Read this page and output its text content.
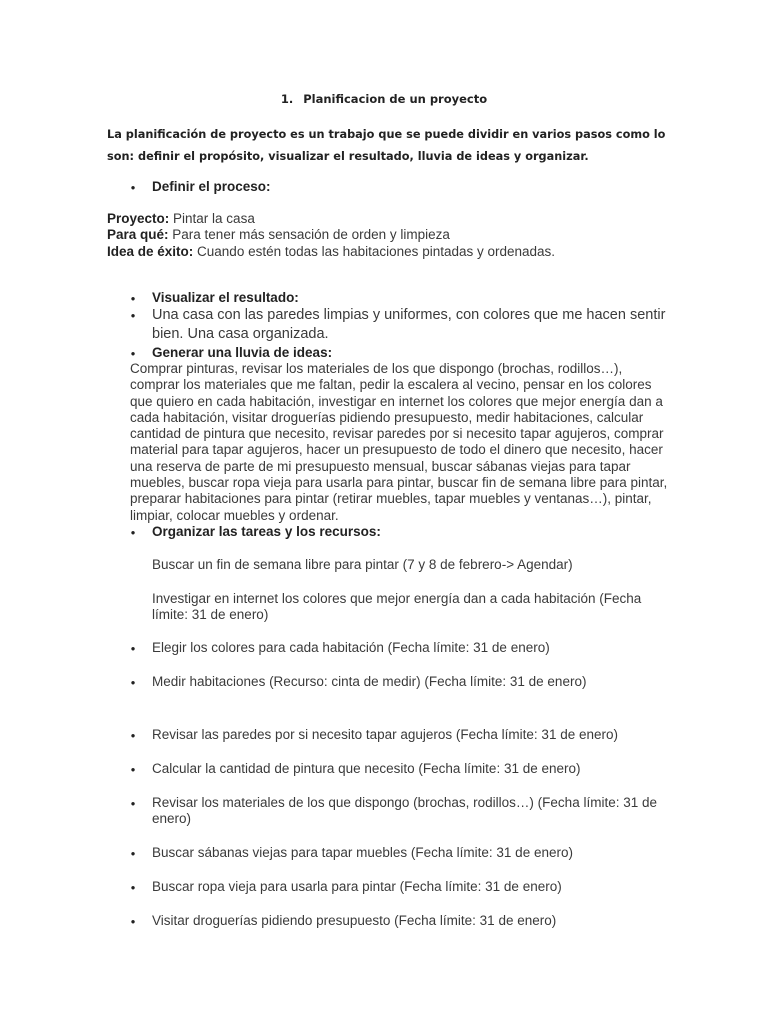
1. Planificacion de un proyecto
La planificación de proyecto es un trabajo que se puede dividir en varios pasos como lo son: definir el propósito, visualizar el resultado, lluvia de ideas y organizar.
● Definir el proceso:
Proyecto: Pintar la casa
Para qué: Para tener más sensación de orden y limpieza
Idea de éxito: Cuando estén todas las habitaciones pintadas y ordenadas.
● Visualizar el resultado:
● Una casa con las paredes limpias y uniformes, con colores que me hacen sentir
bien. Una casa organizada.
● Generar una lluvia de ideas:
Comprar pinturas, revisar los materiales de los que dispongo (brochas, rodillos…), comprar los materiales que me faltan, pedir la escalera al vecino, pensar en los colores que quiero en cada habitación, investigar en internet los colores que mejor energía dan a cada habitación, visitar droguerías pidiendo presupuesto, medir habitaciones, calcular cantidad de pintura que necesito, revisar paredes por si necesito tapar agujeros, comprar material para tapar agujeros, hacer un presupuesto de todo el dinero que necesito, hacer una reserva de parte de mi presupuesto mensual, buscar sábanas viejas para tapar muebles, buscar ropa vieja para usarla para pintar, buscar fin de semana libre para pintar, preparar habitaciones para pintar (retirar muebles, tapar muebles y ventanas…), pintar, limpiar, colocar muebles y ordenar.
● Organizar las tareas y los recursos:
Buscar un fin de semana libre para pintar (7 y 8 de febrero-> Agendar)
Investigar en internet los colores que mejor energía dan a cada habitación (Fecha límite: 31 de enero)
● Elegir los colores para cada habitación (Fecha límite: 31 de enero)
● Medir habitaciones (Recurso: cinta de medir) (Fecha límite: 31 de enero)
● Revisar las paredes por si necesito tapar agujeros (Fecha límite: 31 de enero)
● Calcular la cantidad de pintura que necesito (Fecha límite: 31 de enero)
● Revisar los materiales de los que dispongo (brochas, rodillos…) (Fecha límite: 31 de enero)
● Buscar sábanas viejas para tapar muebles (Fecha límite: 31 de enero)
● Buscar ropa vieja para usarla para pintar (Fecha límite: 31 de enero)
● Visitar droguerías pidiendo presupuesto (Fecha límite: 31 de enero)
